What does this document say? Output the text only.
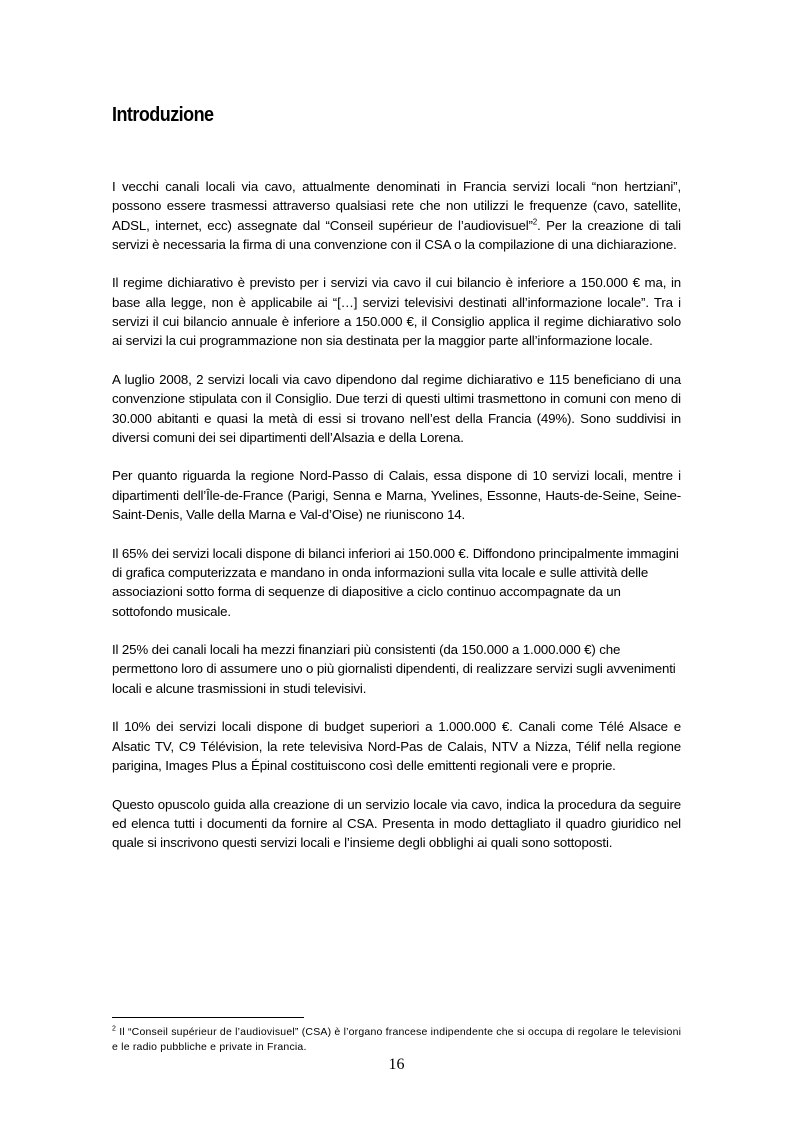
Introduzione

I vecchi canali locali via cavo, attualmente denominati in Francia servizi locali “non hertziani”, possono essere trasmessi attraverso qualsiasi rete che non utilizzi le frequenze (cavo, satellite, ADSL, internet, ecc) assegnate dal “Conseil supérieur de l’audiovisuel”$^2$. Per la creazione di tali servizi è necessaria la firma di una convenzione con il CSA o la compilazione di una dichiarazione.

Il regime dichiarativo è previsto per i servizi via cavo il cui bilancio è inferiore a 150.000 € ma, in base alla legge, non è applicabile ai “[…] servizi televisivi destinati all’informazione locale”. Tra i servizi il cui bilancio annuale è inferiore a 150.000 €, il Consiglio applica il regime dichiarativo solo ai servizi la cui programmazione non sia destinata per la maggior parte all’informazione locale.

A luglio 2008, 2 servizi locali via cavo dipendono dal regime dichiarativo e 115 beneficiano di una convenzione stipulata con il Consiglio. Due terzi di questi ultimi trasmettono in comuni con meno di 30.000 abitanti e quasi la metà di essi si trovano nell’est della Francia (49%). Sono suddivisi in diversi comuni dei sei dipartimenti dell’Alsazia e della Lorena.

Per quanto riguarda la regione Nord-Passo di Calais, essa dispone di 10 servizi locali, mentre i dipartimenti dell’Île-de-France (Parigi, Senna e Marna, Yvelines, Essonne, Hauts-de-Seine, Seine-Saint-Denis, Valle della Marna e Val-d’Oise) ne riuniscono 14.

Il 65% dei servizi locali dispone di bilanci inferiori ai 150.000 €. Diffondono principalmente immagini di grafica computerizzata e mandano in onda informazioni sulla vita locale e sulle attività delle associazioni sotto forma di sequenze di diapositive a ciclo continuo accompagnate da un sottofondo musicale.

Il 25% dei canali locali ha mezzi finanziari più consistenti (da 150.000 a 1.000.000 €) che permettono loro di assumere uno o più giornalisti dipendenti, di realizzare servizi sugli avvenimenti locali e alcune trasmissioni in studi televisivi.

Il 10% dei servizi locali dispone di budget superiori a 1.000.000 €. Canali come Télé Alsace e Alsatic TV, C9 Télévision, la rete televisiva Nord-Pas de Calais, NTV a Nizza, Télif nella regione parigina, Images Plus a Épinal costituiscono così delle emittenti regionali vere e proprie.

Questo opuscolo guida alla creazione di un servizio locale via cavo, indica la procedura da seguire ed elenca tutti i documenti da fornire al CSA. Presenta in modo dettagliato il quadro giuridico nel quale si inscrivono questi servizi locali e l’insieme degli obblighi ai quali sono sottoposti.

$^2$ Il “Conseil supérieur de l’audiovisuel” (CSA) è l’organo francese indipendente che si occupa di regolare le televisioni e le radio pubbliche e private in Francia.
16
